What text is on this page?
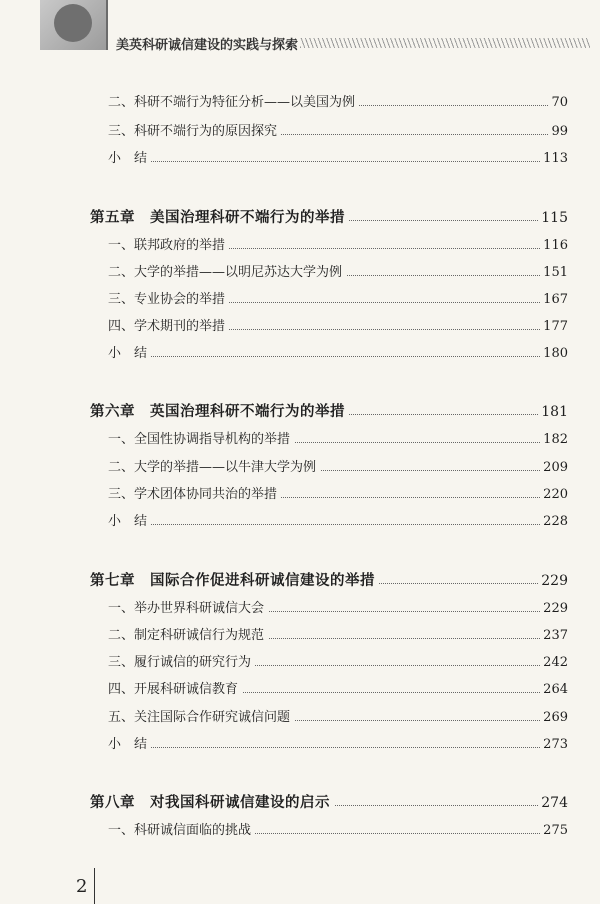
美英科研诚信建设的实践与探索
二、科研不端行为特征分析——以美国为例	70
三、科研不端行为的原因探究	99
小　结	113
第五章　美国治理科研不端行为的举措	115
一、联邦政府的举措	116
二、大学的举措——以明尼苏达大学为例	151
三、专业协会的举措	167
四、学术期刊的举措	177
小　结	180
第六章　英国治理科研不端行为的举措	181
一、全国性协调指导机构的举措	182
二、大学的举措——以牛津大学为例	209
三、学术团体协同共治的举措	220
小　结	228
第七章　国际合作促进科研诚信建设的举措	229
一、举办世界科研诚信大会	229
二、制定科研诚信行为规范	237
三、履行诚信的研究行为	242
四、开展科研诚信教育	264
五、关注国际合作研究诚信问题	269
小　结	273
第八章　对我国科研诚信建设的启示	274
一、科研诚信面临的挑战	275
2
